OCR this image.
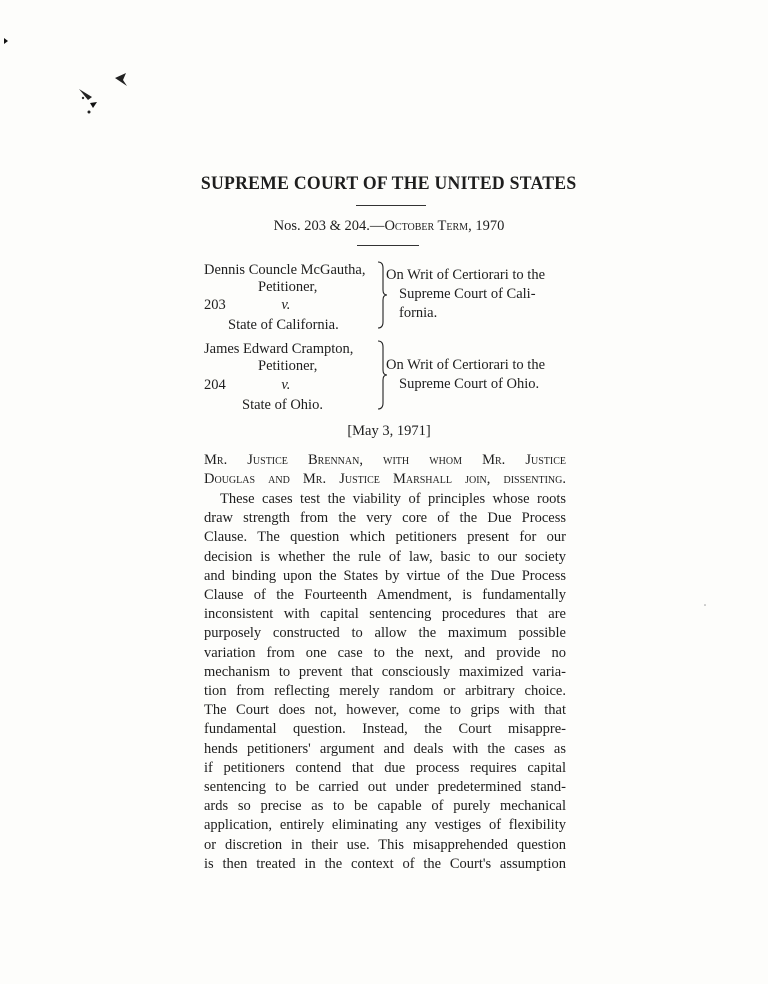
SUPREME COURT OF THE UNITED STATES
Nos. 203 & 204.—October Term, 1970
Dennis Councle McGautha,
Petitioner,
203	v.
State of California.
On Writ of Certiorari to the
Supreme Court of Cali-
fornia.
James Edward Crampton,
Petitioner,
204	v.
State of Ohio.
On Writ of Certiorari to the
Supreme Court of Ohio.
[May 3, 1971]
Mr. Justice Brennan, with whom Mr. Justice
Douglas and Mr. Justice Marshall join, dissenting.
These cases test the viability of principles whose roots
draw strength from the very core of the Due Process
Clause. The question which petitioners present for our
decision is whether the rule of law, basic to our society
and binding upon the States by virtue of the Due Process
Clause of the Fourteenth Amendment, is fundamentally
inconsistent with capital sentencing procedures that are
purposely constructed to allow the maximum possible
variation from one case to the next, and provide no
mechanism to prevent that consciously maximized varia-
tion from reflecting merely random or arbitrary choice.
The Court does not, however, come to grips with that
fundamental question. Instead, the Court misappre-
hends petitioners' argument and deals with the cases as
if petitioners contend that due process requires capital
sentencing to be carried out under predetermined stand-
ards so precise as to be capable of purely mechanical
application, entirely eliminating any vestiges of flexibility
or discretion in their use. This misapprehended question
is then treated in the context of the Court's assumption
